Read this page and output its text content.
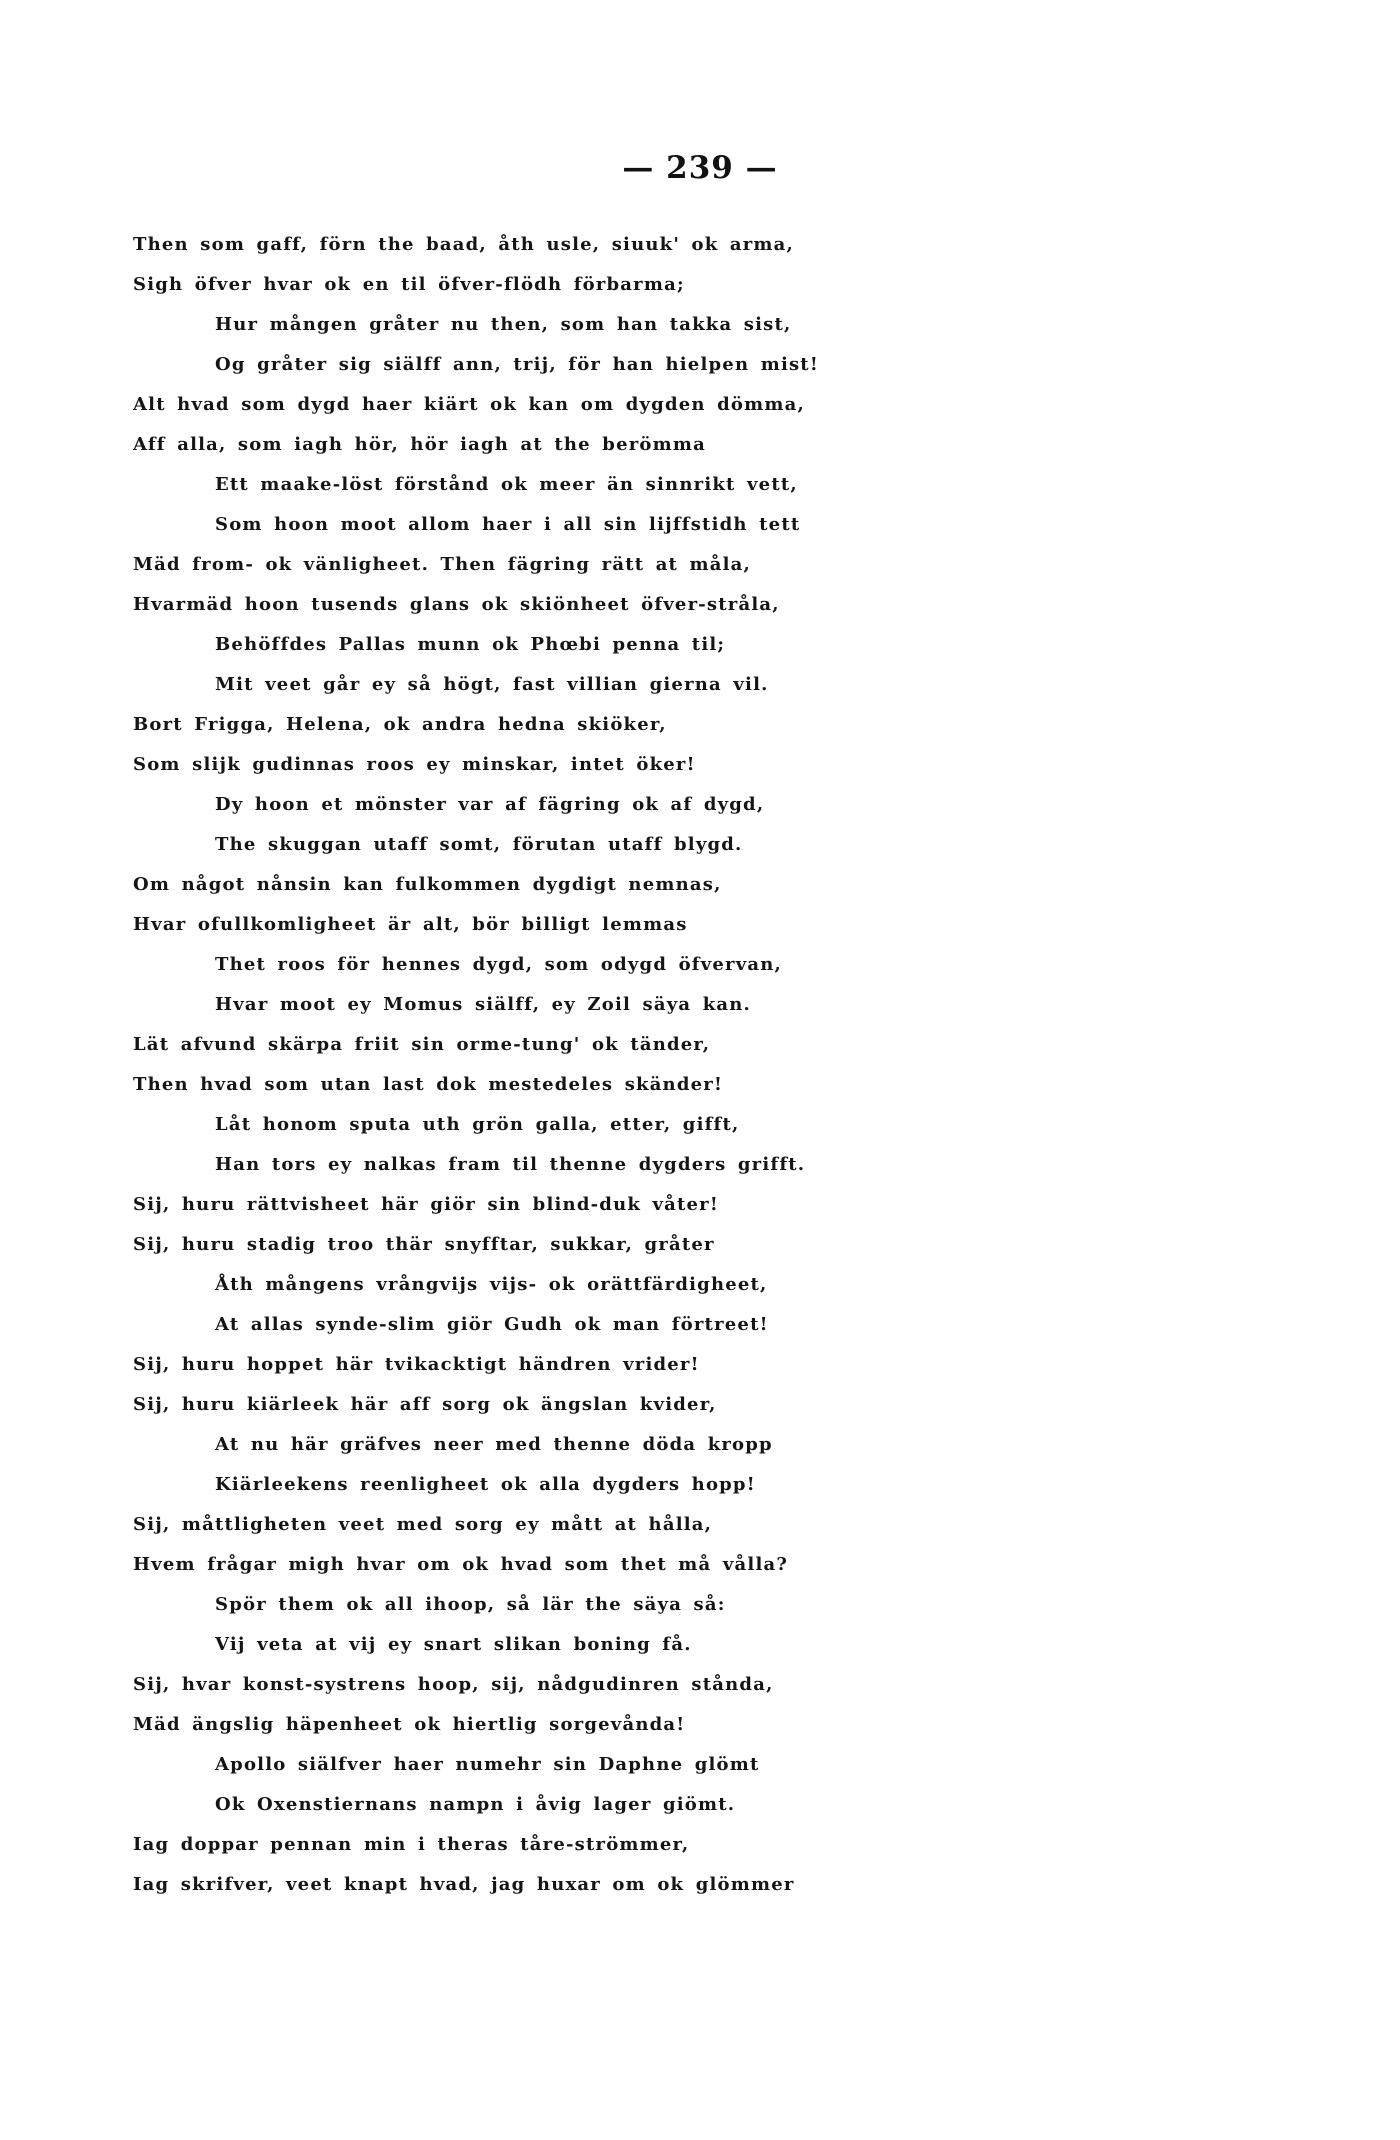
— 239 —
Then som gaff, förn the baad, åth usle, siuuk' ok arma,
Sigh öfver hvar ok en til öfver-flödh förbarma;
Hur mången gråter nu then, som han takka sist,
Og gråter sig siälff ann, trij, för han hielpen mist!
Alt hvad som dygd haer kiärt ok kan om dygden dömma,
Aff alla, som iagh hör, hör iagh at the berömma
Ett maake-löst förstånd ok meer än sinnrikt vett,
Som hoon moot allom haer i all sin lijffstidh tett
Mäd from- ok vänligheet. Then fägring rätt at måla,
Hvarmäd hoon tusends glans ok skiönheet öfver-stråla,
Behöffdes Pallas munn ok Phœbi penna til;
Mit veet går ey så högt, fast villian gierna vil.
Bort Frigga, Helena, ok andra hedna skiöker,
Som slijk gudinnas roos ey minskar, intet öker!
Dy hoon et mönster var af fägring ok af dygd,
The skuggan utaff somt, förutan utaff blygd.
Om något nånsin kan fulkommen dygdigt nemnas,
Hvar ofullkomligheet är alt, bör billigt lemmas
Thet roos för hennes dygd, som odygd öfvervan,
Hvar moot ey Momus siälff, ey Zoil säya kan.
Lät afvund skärpa friit sin orme-tung' ok tänder,
Then hvad som utan last dok mestedeles skänder!
Låt honom sputa uth grön galla, etter, gifft,
Han tors ey nalkas fram til thenne dygders grifft.
Sij, huru rättvisheet här giör sin blind-duk våter!
Sij, huru stadig troo thär snyfftar, sukkar, gråter
Åth mångens vrångvijs vijs- ok orättfärdigheet,
At allas synde-slim giör Gudh ok man förtreet!
Sij, huru hoppet här tvikacktigt händren vrider!
Sij, huru kiärleek här aff sorg ok ängslan kvider,
At nu här gräfves neer med thenne döda kropp
Kiärleekens reenligheet ok alla dygders hopp!
Sij, måttligheten veet med sorg ey mått at hålla,
Hvem frågar migh hvar om ok hvad som thet må vålla?
Spör them ok all ihoop, så lär the säya så:
Vij veta at vij ey snart slikan boning få.
Sij, hvar konst-systrens hoop, sij, nådgudinren stånda,
Mäd ängslig häpenheet ok hiertlig sorgevånda!
Apollo siälfver haer numehr sin Daphne glömt
Ok Oxenstiernans nampn i åvig lager giömt.
Iag doppar pennan min i theras tåre-strömmer,
Iag skrifver, veet knapt hvad, jag huxar om ok glömmer
